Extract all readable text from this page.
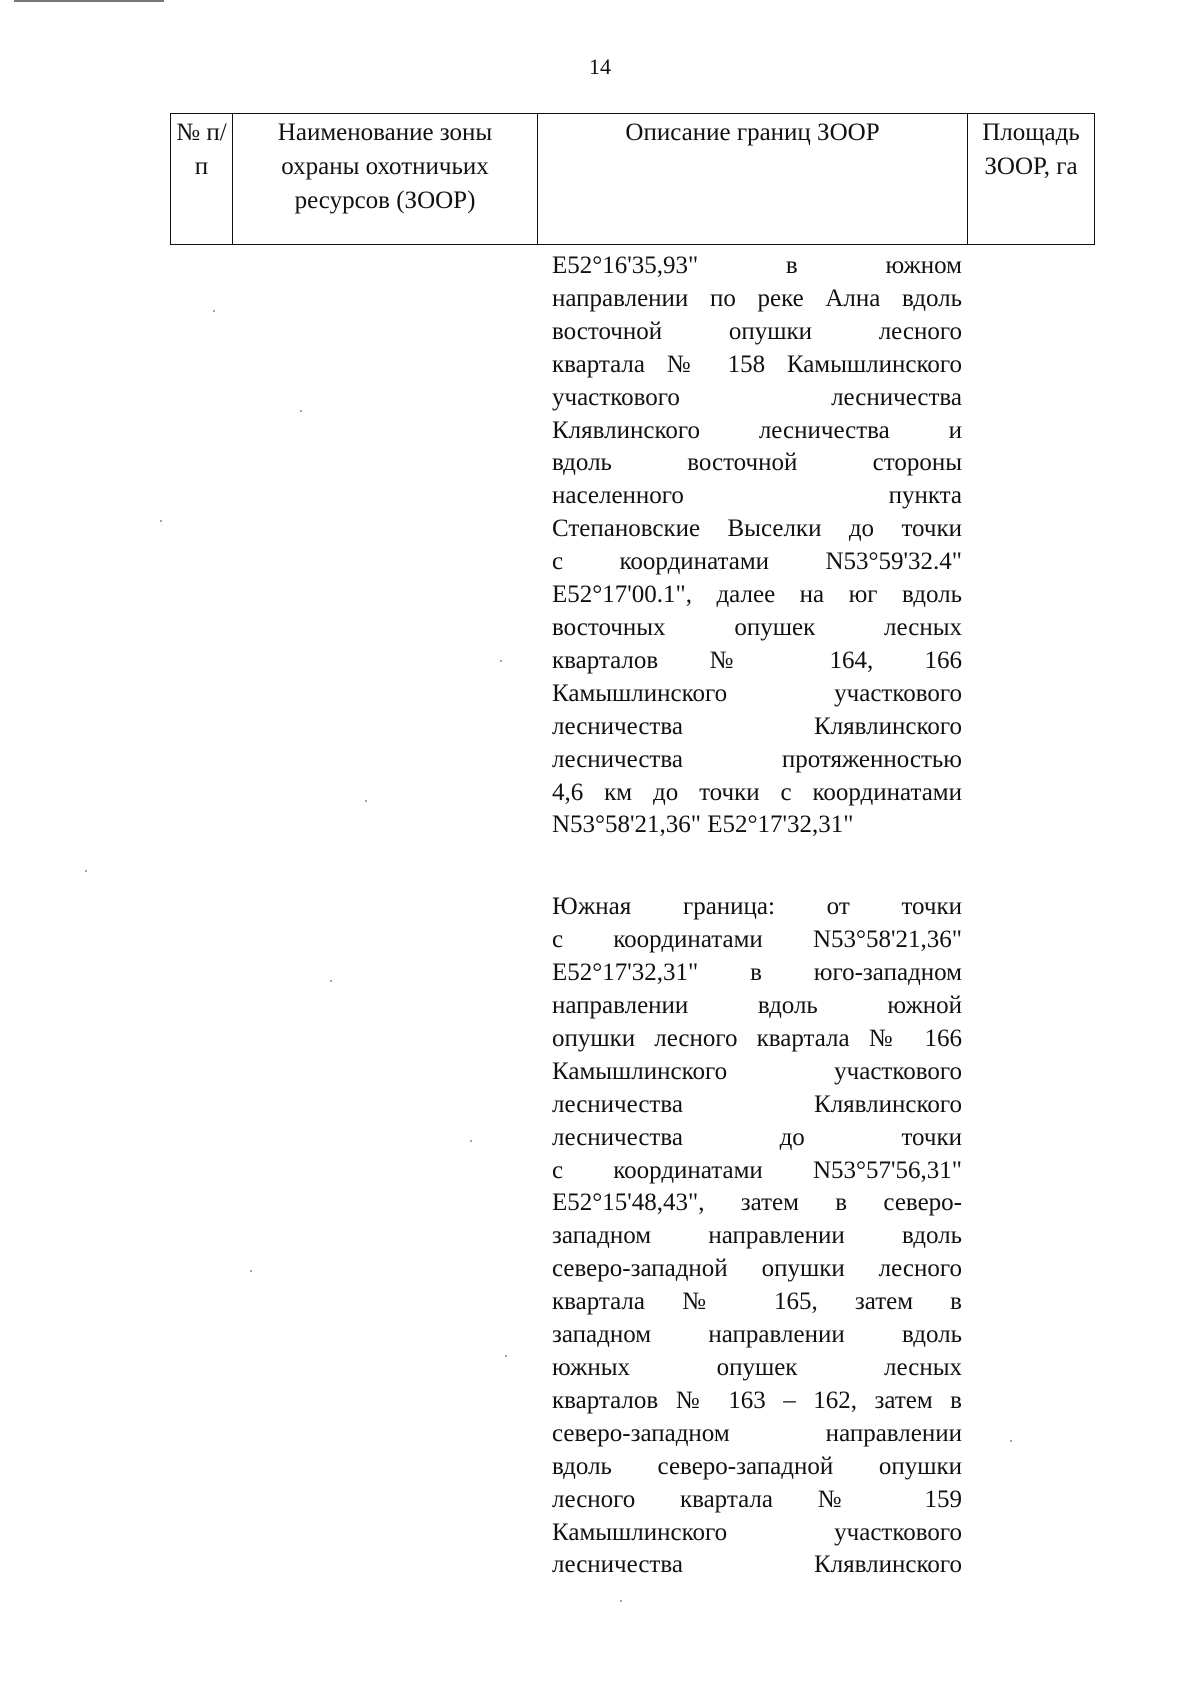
14
№ п/п	Наименование зоны охраны охотничьих ресурсов (ЗООР)	Описание границ ЗООР	Площадь ЗООР, га
E52°16'35,93" в южном
направлении по реке Ална вдоль
восточной опушки лесного
квартала № 158 Камышлинского
участкового лесничества
Клявлинского лесничества и
вдоль восточной стороны
населенного пункта
Степановские Выселки до точки
с координатами N53°59'32.4"
E52°17'00.1", далее на юг вдоль
восточных опушек лесных
кварталов № 164, 166
Камышлинского участкового
лесничества Клявлинского
лесничества протяженностью
4,6 км до точки с координатами
N53°58'21,36" E52°17'32,31"
Южная граница: от точки
с координатами N53°58'21,36"
E52°17'32,31" в юго-западном
направлении вдоль южной
опушки лесного квартала № 166
Камышлинского участкового
лесничества Клявлинского
лесничества до точки
с координатами N53°57'56,31"
E52°15'48,43", затем в северо-
западном направлении вдоль
северо-западной опушки лесного
квартала № 165, затем в
западном направлении вдоль
южных опушек лесных
кварталов № 163 – 162, затем в
северо-западном направлении
вдоль северо-западной опушки
лесного квартала № 159
Камышлинского участкового
лесничества Клявлинского
